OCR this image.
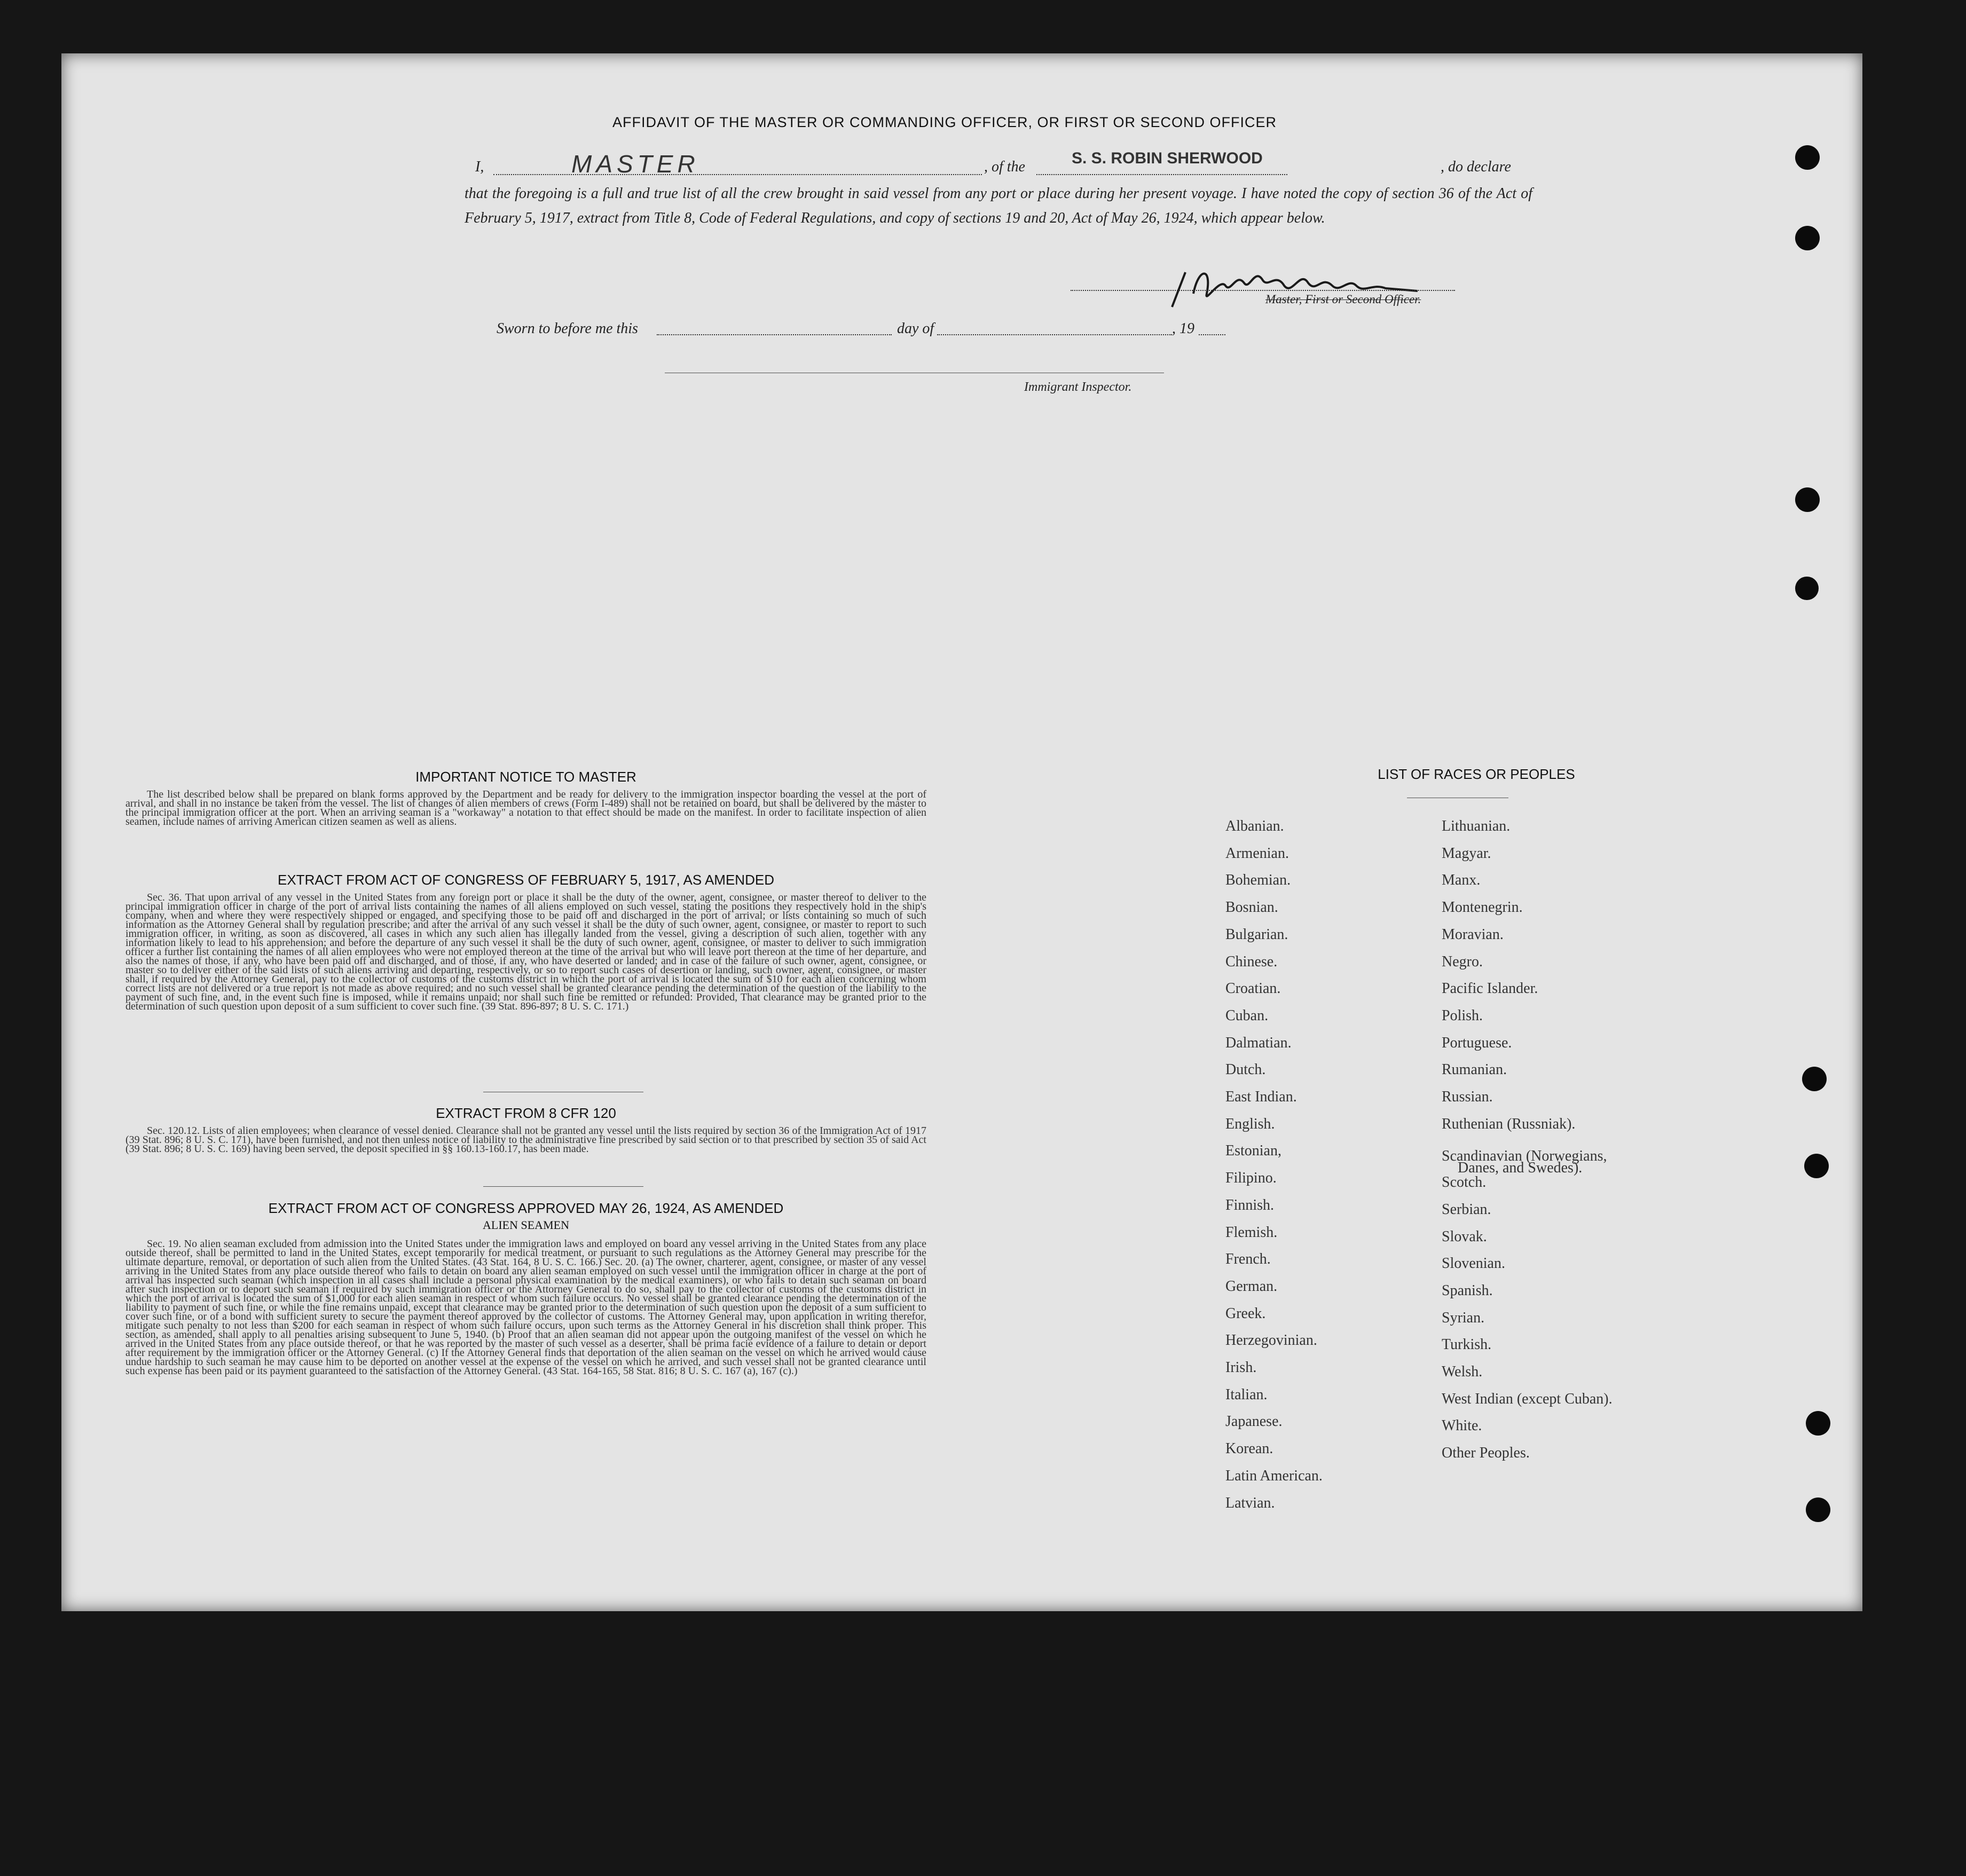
AFFIDAVIT OF THE MASTER OR COMMANDING OFFICER, OR FIRST OR SECOND OFFICER
I,	MASTER	, of the	S. S. ROBIN SHERWOOD	, do declare
that the foregoing is a full and true list of all the crew brought in said vessel from any port or place during her present voyage. I have noted the copy of section 36 of the Act of February 5, 1917, extract from Title 8, Code of Federal Regulations, and copy of sections 19 and 20, Act of May 26, 1924, which appear below.
Master, First or Second Officer.
Sworn to before me this	day of	, 19
Immigrant Inspector.
IMPORTANT NOTICE TO MASTER
The list described below shall be prepared on blank forms approved by the Department and be ready for delivery to the immigration inspector boarding the vessel at the port of arrival, and shall in no instance be taken from the vessel. The list of changes of alien members of crews (Form I-489) shall not be retained on board, but shall be delivered by the master to the principal immigration officer at the port. When an arriving seaman is a "workaway" a notation to that effect should be made on the manifest. In order to facilitate inspection of alien seamen, include names of arriving American citizen seamen as well as aliens.
EXTRACT FROM ACT OF CONGRESS OF FEBRUARY 5, 1917, AS AMENDED
Sec. 36. That upon arrival of any vessel in the United States from any foreign port or place it shall be the duty of the owner, agent, consignee, or master thereof to deliver to the principal immigration officer in charge of the port of arrival lists containing the names of all aliens employed on such vessel, stating the positions they respectively hold in the ship's company, when and where they were respectively shipped or engaged, and specifying those to be paid off and discharged in the port of arrival; or lists containing so much of such information as the Attorney General shall by regulation prescribe; and after the arrival of any such vessel it shall be the duty of such owner, agent, consignee, or master to report to such immigration officer, in writing, as soon as discovered, all cases in which any such alien has illegally landed from the vessel, giving a description of such alien, together with any information likely to lead to his apprehension; and before the departure of any such vessel it shall be the duty of such owner, agent, consignee, or master to deliver to such immigration officer a further list containing the names of all alien employees who were not employed thereon at the time of the arrival but who will leave port thereon at the time of her departure, and also the names of those, if any, who have been paid off and discharged, and of those, if any, who have deserted or landed; and in case of the failure of such owner, agent, consignee, or master so to deliver either of the said lists of such aliens arriving and departing, respectively, or so to report such cases of desertion or landing, such owner, agent, consignee, or master shall, if required by the Attorney General, pay to the collector of customs of the customs district in which the port of arrival is located the sum of $10 for each alien concerning whom correct lists are not delivered or a true report is not made as above required; and no such vessel shall be granted clearance pending the determination of the question of the liability to the payment of such fine, and, in the event such fine is imposed, while it remains unpaid; nor shall such fine be remitted or refunded: Provided, That clearance may be granted prior to the determination of such question upon deposit of a sum sufficient to cover such fine. (39 Stat. 896-897; 8 U. S. C. 171.)
EXTRACT FROM 8 CFR 120
Sec. 120.12. Lists of alien employees; when clearance of vessel denied. Clearance shall not be granted any vessel until the lists required by section 36 of the Immigration Act of 1917 (39 Stat. 896; 8 U. S. C. 171), have been furnished, and not then unless notice of liability to the administrative fine prescribed by said section or to that prescribed by section 35 of said Act (39 Stat. 896; 8 U. S. C. 169) having been served, the deposit specified in §§ 160.13-160.17, has been made.
EXTRACT FROM ACT OF CONGRESS APPROVED MAY 26, 1924, AS AMENDED
ALIEN SEAMEN
Sec. 19. No alien seaman excluded from admission into the United States under the immigration laws and employed on board any vessel arriving in the United States from any place outside thereof, shall be permitted to land in the United States, except temporarily for medical treatment, or pursuant to such regulations as the Attorney General may prescribe for the ultimate departure, removal, or deportation of such alien from the United States. (43 Stat. 164, 8 U. S. C. 166.) Sec. 20. (a) The owner, charterer, agent, consignee, or master of any vessel arriving in the United States from any place outside thereof who fails to detain on board any alien seaman employed on such vessel until the immigration officer in charge at the port of arrival has inspected such seaman (which inspection in all cases shall include a personal physical examination by the medical examiners), or who fails to detain such seaman on board after such inspection or to deport such seaman if required by such immigration officer or the Attorney General to do so, shall pay to the collector of customs of the customs district in which the port of arrival is located the sum of $1,000 for each alien seaman in respect of whom such failure occurs. No vessel shall be granted clearance pending the determination of the liability to payment of such fine, or while the fine remains unpaid, except that clearance may be granted prior to the determination of such question upon the deposit of a sum sufficient to cover such fine, or of a bond with sufficient surety to secure the payment thereof approved by the collector of customs. The Attorney General may, upon application in writing therefor, mitigate such penalty to not less than $200 for each seaman in respect of whom such failure occurs, upon such terms as the Attorney General in his discretion shall think proper. This section, as amended, shall apply to all penalties arising subsequent to June 5, 1940. (b) Proof that an alien seaman did not appear upon the outgoing manifest of the vessel on which he arrived in the United States from any place outside thereof, or that he was reported by the master of such vessel as a deserter, shall be prima facie evidence of a failure to detain or deport after requirement by the immigration officer or the Attorney General. (c) If the Attorney General finds that deportation of the alien seaman on the vessel on which he arrived would cause undue hardship to such seaman he may cause him to be deported on another vessel at the expense of the vessel on which he arrived, and such vessel shall not be granted clearance until such expense has been paid or its payment guaranteed to the satisfaction of the Attorney General. (43 Stat. 164-165, 58 Stat. 816; 8 U. S. C. 167 (a), 167 (c).)
LIST OF RACES OR PEOPLES
Albanian.
Armenian.
Bohemian.
Bosnian.
Bulgarian.
Chinese.
Croatian.
Cuban.
Dalmatian.
Dutch.
East Indian.
English.
Estonian,
Filipino.
Finnish.
Flemish.
French.
German.
Greek.
Herzegovinian.
Irish.
Italian.
Japanese.
Korean.
Latin American.
Latvian.
Lithuanian.
Magyar.
Manx.
Montenegrin.
Moravian.
Negro.
Pacific Islander.
Polish.
Portuguese.
Rumanian.
Russian.
Ruthenian (Russniak).
Scandinavian (Norwegians,
Danes, and Swedes).
Scotch.
Serbian.
Slovak.
Slovenian.
Spanish.
Syrian.
Turkish.
Welsh.
West Indian (except Cuban).
White.
Other Peoples.
